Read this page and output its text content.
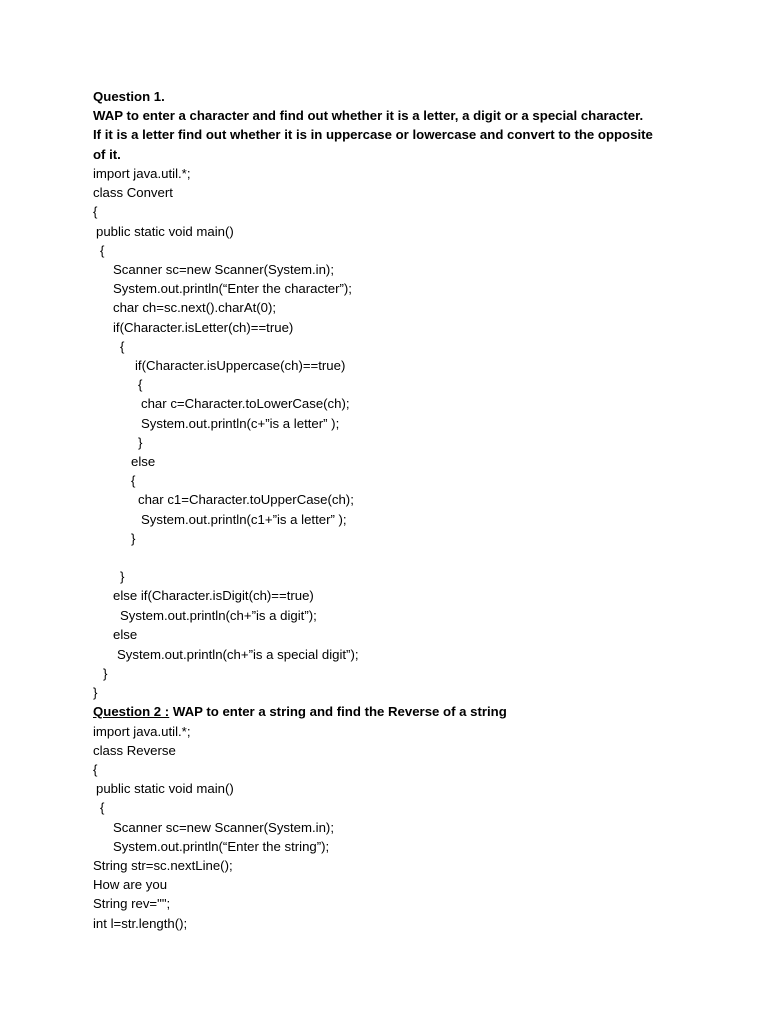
Question 1.
WAP to enter a character and find out whether it is a letter, a digit or a special character.
If it is a letter find out whether it is in uppercase or lowercase and convert to the opposite
of it.
import java.util.*;
class Convert
{
public static void main()
{
Scanner sc=new Scanner(System.in);
System.out.println(“Enter the character”);
char ch=sc.next().charAt(0);
if(Character.isLetter(ch)==true)
{
if(Character.isUppercase(ch)==true)
{
char c=Character.toLowerCase(ch);
System.out.println(c+”is a letter” );
}
else
{
char c1=Character.toUpperCase(ch);
System.out.println(c1+”is a letter” );
}
}
else if(Character.isDigit(ch)==true)
System.out.println(ch+”is a digit”);
else
System.out.println(ch+”is a special digit”);
}
}
Question 2 : WAP to enter a string and find the Reverse of a string
import java.util.*;
class Reverse
{
public static void main()
{
Scanner sc=new Scanner(System.in);
System.out.println(“Enter the string”);
String str=sc.nextLine();
How are you
String rev="";
int l=str.length();
